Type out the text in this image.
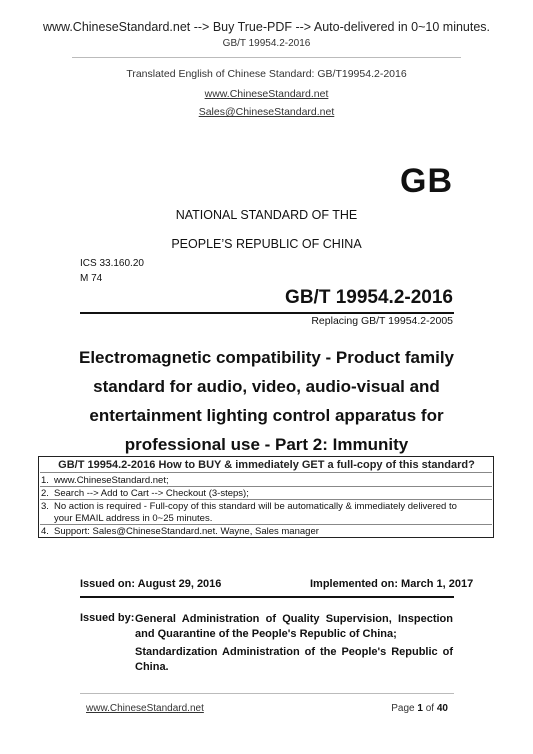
www.ChineseStandard.net --> Buy True-PDF --> Auto-delivered in 0~10 minutes.
GB/T 19954.2-2016
Translated English of Chinese Standard: GB/T19954.2-2016
www.ChineseStandard.net
Sales@ChineseStandard.net
GB
NATIONAL STANDARD OF THE
PEOPLE’S REPUBLIC OF CHINA
ICS 33.160.20
M 74
GB/T 19954.2-2016
Replacing GB/T 19954.2-2005
Electromagnetic compatibility - Product family
standard for audio, video, audio-visual and
entertainment lighting control apparatus for
professional use - Part 2: Immunity
GB/T 19954.2-2016 How to BUY & immediately GET a full-copy of this standard?
1. www.ChineseStandard.net;
2. Search --> Add to Cart --> Checkout (3-steps);
3. No action is required - Full-copy of this standard will be automatically & immediately delivered to
your EMAIL address in 0~25 minutes.
4. Support: Sales@ChineseStandard.net. Wayne, Sales manager
Issued on: August 29, 2016	Implemented on: March 1, 2017
Issued by: General Administration of Quality Supervision, Inspection and Quarantine of the People's Republic of China;
Standardization Administration of the People's Republic of China.
www.ChineseStandard.net	Page 1 of 40
